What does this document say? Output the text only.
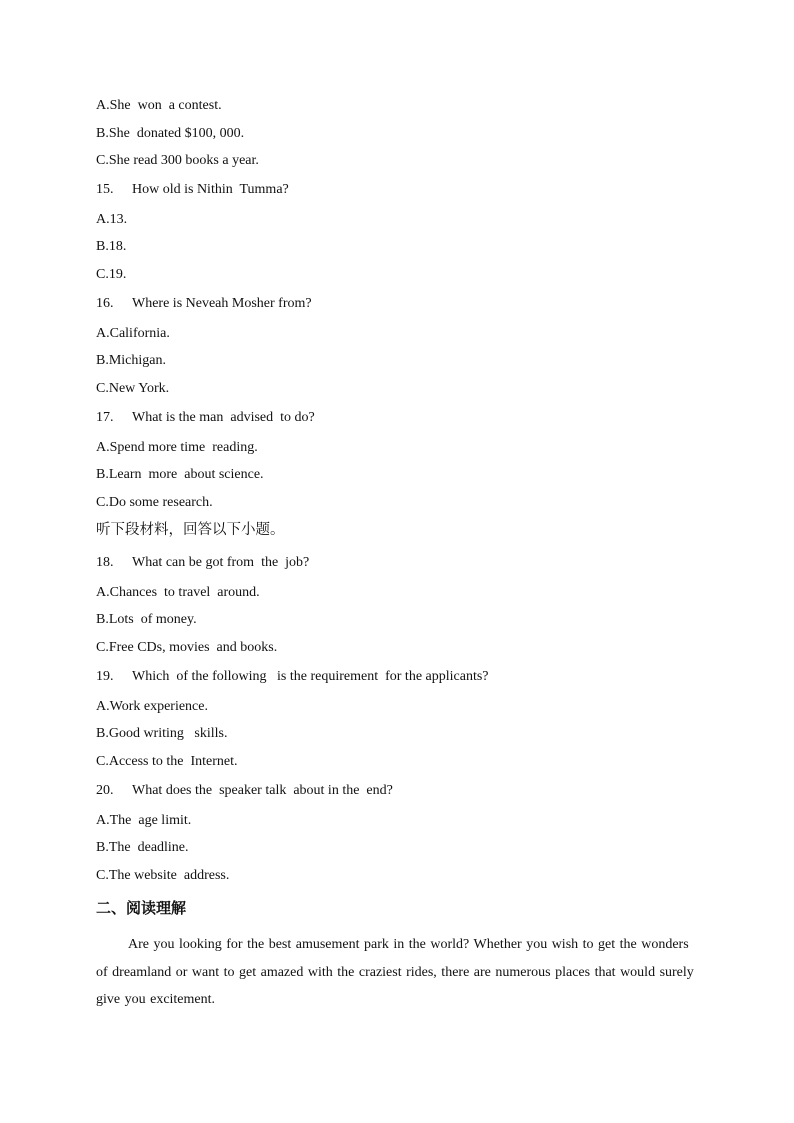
A.She  won  a contest.
B.She  donated $100, 000.
C.She read 300 books a year.
15. How old is Nithin  Tumma?
A.13.
B.18.
C.19.
16. Where is Neveah Mosher from?
A.California.
B.Michigan.
C.New York.
17. What is the man  advised  to do?
A.Spend more time  reading.
B.Learn  more  about science.
C.Do some research.
听下段材料，回答以下小题。
18. What can be got from  the  job?
A.Chances  to travel  around.
B.Lots  of money.
C.Free CDs, movies  and books.
19. Which  of the following   is the requirement  for the applicants?
A.Work experience.
B.Good writing   skills.
C.Access to the  Internet.
20. What does the  speaker talk  about in the  end?
A.The  age limit.
B.The  deadline.
C.The website  address.
二、阅读理解
Are you looking for the best amusement park in the world? Whether you wish to get the wonders of dreamland or want to get amazed with the craziest rides, there are numerous places that would surely give you excitement.
